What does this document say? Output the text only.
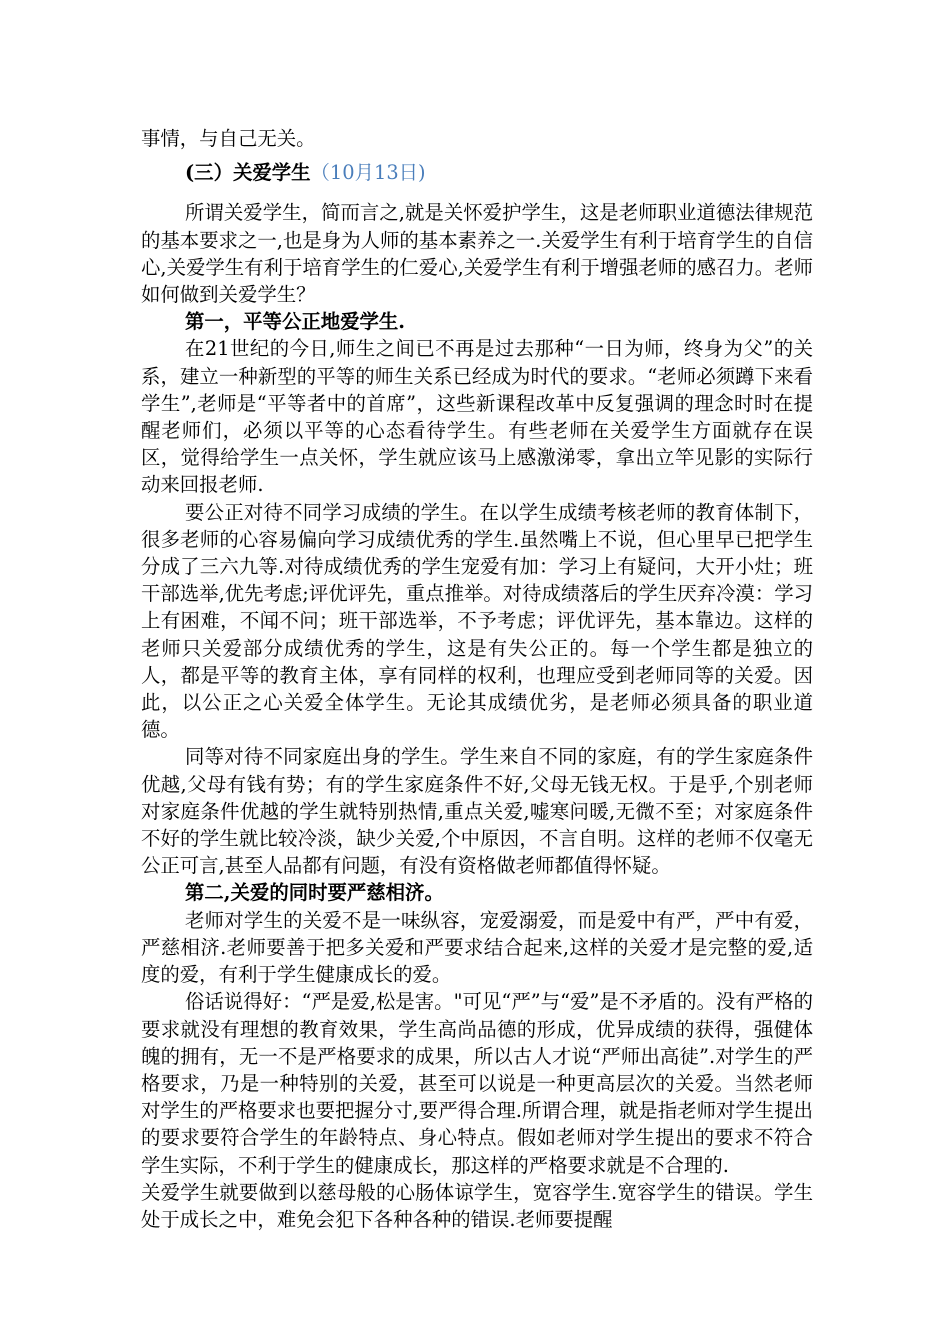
事情，与自己无关。

(三）关爱学生（10月13日)

所谓关爱学生，简而言之,就是关怀爱护学生，这是老师职业道德法律规范的基本要求之一,也是身为人师的基本素养之一.关爱学生有利于培育学生的自信心,关爱学生有利于培育学生的仁爱心,关爱学生有利于增强老师的感召力。老师如何做到关爱学生？

第一，平等公正地爱学生.

在21世纪的今日,师生之间已不再是过去那种“一日为师，终身为父”的关系，建立一种新型的平等的师生关系已经成为时代的要求。“老师必须蹲下来看学生”,老师是“平等者中的首席”，这些新课程改革中反复强调的理念时时在提醒老师们，必须以平等的心态看待学生。有些老师在关爱学生方面就存在误区，觉得给学生一点关怀，学生就应该马上感激涕零，拿出立竿见影的实际行动来回报老师.

要公正对待不同学习成绩的学生。在以学生成绩考核老师的教育体制下，很多老师的心容易偏向学习成绩优秀的学生.虽然嘴上不说，但心里早已把学生分成了三六九等.对待成绩优秀的学生宠爱有加：学习上有疑问，大开小灶；班干部选举,优先考虑;评优评先，重点推举。对待成绩落后的学生厌弃冷漠：学习上有困难，不闻不问；班干部选举，不予考虑；评优评先，基本靠边。这样的老师只关爱部分成绩优秀的学生，这是有失公正的。每一个学生都是独立的人，都是平等的教育主体，享有同样的权利，也理应受到老师同等的关爱。因此，以公正之心关爱全体学生。无论其成绩优劣，是老师必须具备的职业道德。

同等对待不同家庭出身的学生。学生来自不同的家庭，有的学生家庭条件优越,父母有钱有势；有的学生家庭条件不好,父母无钱无权。于是乎,个别老师对家庭条件优越的学生就特别热情,重点关爱,嘘寒问暖,无微不至；对家庭条件不好的学生就比较冷淡，缺少关爱,个中原因，不言自明。这样的老师不仅毫无公正可言,甚至人品都有问题，有没有资格做老师都值得怀疑。

第二,关爱的同时要严慈相济。

老师对学生的关爱不是一味纵容，宠爱溺爱，而是爱中有严，严中有爱，严慈相济.老师要善于把多关爱和严要求结合起来,这样的关爱才是完整的爱,适度的爱，有利于学生健康成长的爱。

俗话说得好：“严是爱,松是害。"可见“严”与“爱”是不矛盾的。没有严格的要求就没有理想的教育效果，学生高尚品德的形成，优异成绩的获得，强健体魄的拥有，无一不是严格要求的成果，所以古人才说“严师出高徒”.对学生的严格要求，乃是一种特别的关爱，甚至可以说是一种更高层次的关爱。当然老师对学生的严格要求也要把握分寸,要严得合理.所谓合理，就是指老师对学生提出的要求要符合学生的年龄特点、身心特点。假如老师对学生提出的要求不符合学生实际，不利于学生的健康成长，那这样的严格要求就是不合理的.

关爱学生就要做到以慈母般的心肠体谅学生，宽容学生.宽容学生的错误。学生处于成长之中，难免会犯下各种各种的错误.老师要提醒
